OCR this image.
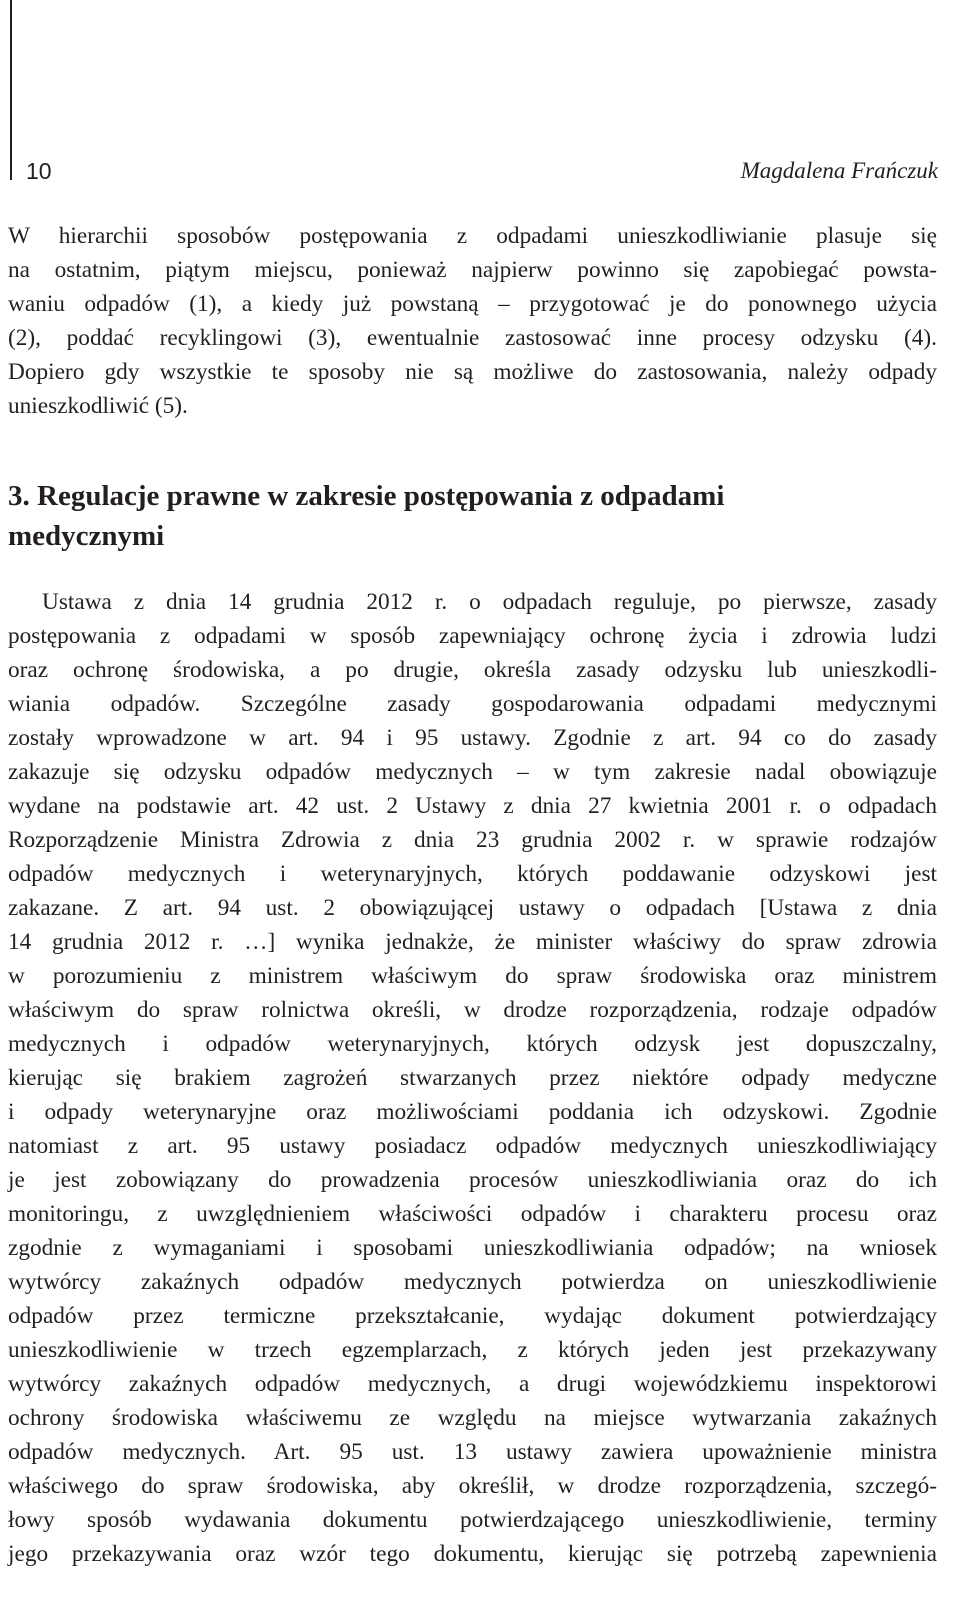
10	Magdalena Frańczuk
W hierarchii sposobów postępowania z odpadami unieszkodliwianie plasuje się
na ostatnim, piątym miejscu, ponieważ najpierw powinno się zapobiegać powsta-
waniu odpadów (1), a kiedy już powstaną – przygotować je do ponownego użycia
(2), poddać recyklingowi (3), ewentualnie zastosować inne procesy odzysku (4).
Dopiero gdy wszystkie te sposoby nie są możliwe do zastosowania, należy odpady
unieszkodliwić (5).
3. Regulacje prawne w zakresie postępowania z odpadami
medycznymi
Ustawa z dnia 14 grudnia 2012 r. o odpadach reguluje, po pierwsze, zasady
postępowania z odpadami w sposób zapewniający ochronę życia i zdrowia ludzi
oraz ochronę środowiska, a po drugie, określa zasady odzysku lub unieszkodli-
wiania odpadów. Szczególne zasady gospodarowania odpadami medycznymi
zostały wprowadzone w art. 94 i 95 ustawy. Zgodnie z art. 94 co do zasady
zakazuje się odzysku odpadów medycznych – w tym zakresie nadal obowiązuje
wydane na podstawie art. 42 ust. 2 Ustawy z dnia 27 kwietnia 2001 r. o odpadach
Rozporządzenie Ministra Zdrowia z dnia 23 grudnia 2002 r. w sprawie rodzajów
odpadów medycznych i weterynaryjnych, których poddawanie odzyskowi jest
zakazane. Z art. 94 ust. 2 obowiązującej ustawy o odpadach [Ustawa z dnia
14 grudnia 2012 r. …] wynika jednakże, że minister właściwy do spraw zdrowia
w porozumieniu z ministrem właściwym do spraw środowiska oraz ministrem
właściwym do spraw rolnictwa określi, w drodze rozporządzenia, rodzaje odpadów
medycznych i odpadów weterynaryjnych, których odzysk jest dopuszczalny,
kierując się brakiem zagrożeń stwarzanych przez niektóre odpady medyczne
i odpady weterynaryjne oraz możliwościami poddania ich odzyskowi. Zgodnie
natomiast z art. 95 ustawy posiadacz odpadów medycznych unieszkodliwiający
je jest zobowiązany do prowadzenia procesów unieszkodliwiania oraz do ich
monitoringu, z uwzględnieniem właściwości odpadów i charakteru procesu oraz
zgodnie z wymaganiami i sposobami unieszkodliwiania odpadów; na wniosek
wytwórcy zakaźnych odpadów medycznych potwierdza on unieszkodliwienie
odpadów przez termiczne przekształcanie, wydając dokument potwierdzający
unieszkodliwienie w trzech egzemplarzach, z których jeden jest przekazywany
wytwórcy zakaźnych odpadów medycznych, a drugi wojewódzkiemu inspektorowi
ochrony środowiska właściwemu ze względu na miejsce wytwarzania zakaźnych
odpadów medycznych. Art. 95 ust. 13 ustawy zawiera upoważnienie ministra
właściwego do spraw środowiska, aby określił, w drodze rozporządzenia, szczegó-
łowy sposób wydawania dokumentu potwierdzającego unieszkodliwienie, terminy
jego przekazywania oraz wzór tego dokumentu, kierując się potrzebą zapewnienia
